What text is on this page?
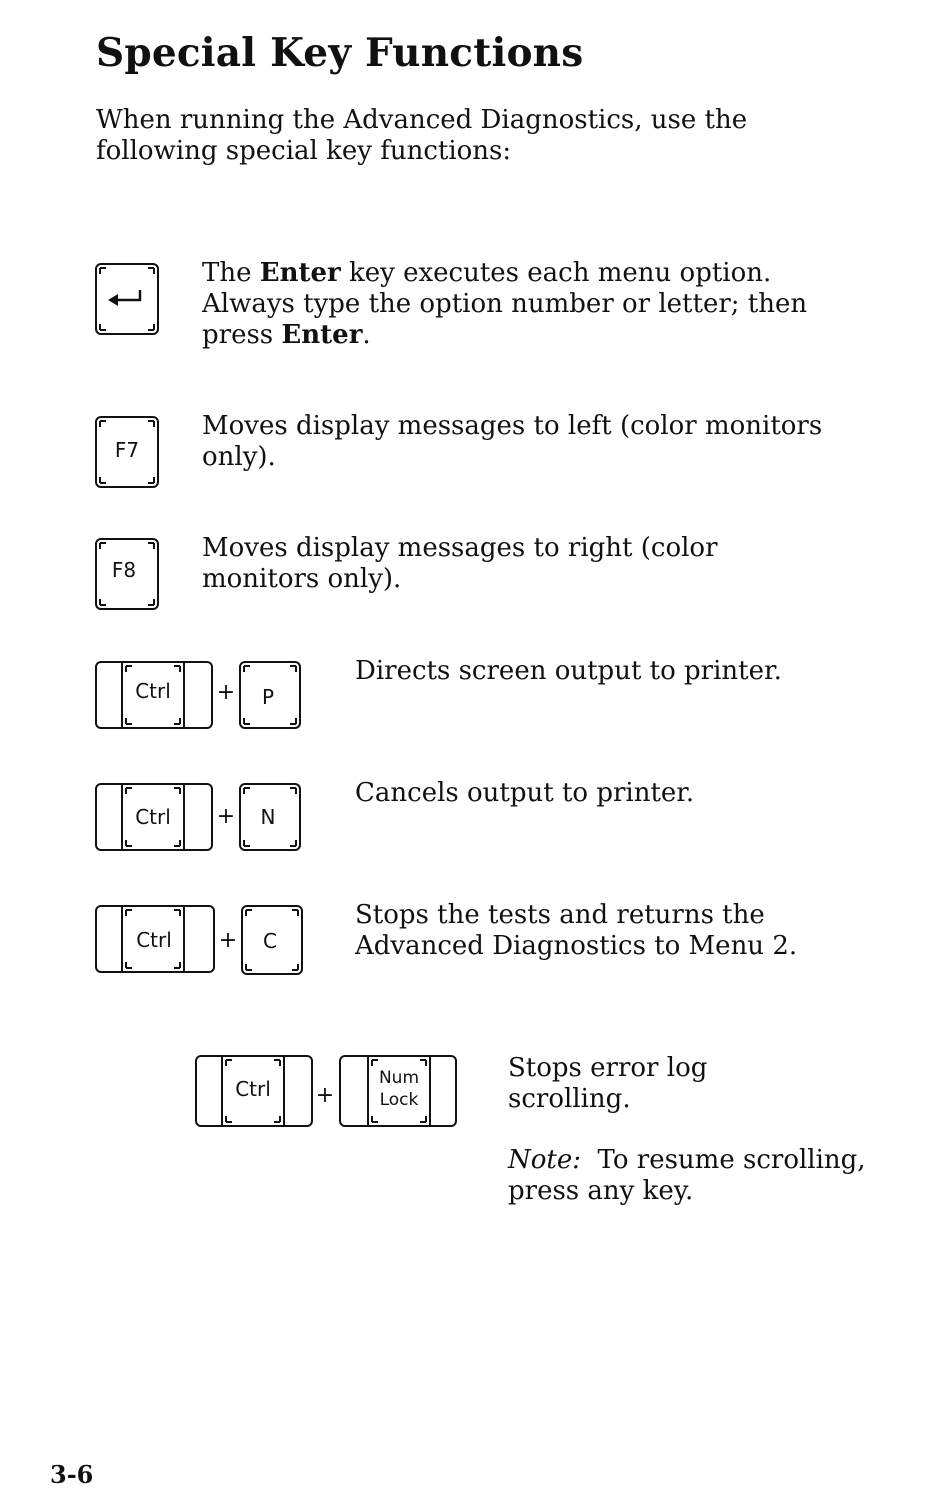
Special Key Functions

When running the Advanced Diagnostics, use the following special key functions:

The Enter key executes each menu option. Always type the option number or letter; then press Enter.

F7

Moves display messages to left (color monitors only).

F8

Moves display messages to right (color monitors only).

Ctrl + P

Directs screen output to printer.

Ctrl + N

Cancels output to printer.

Ctrl + C

Stops the tests and returns the Advanced Diagnostics to Menu 2.

Ctrl +
Num
Lock

Stops error log scrolling.

Note: To resume scrolling, press any key.

3-6
